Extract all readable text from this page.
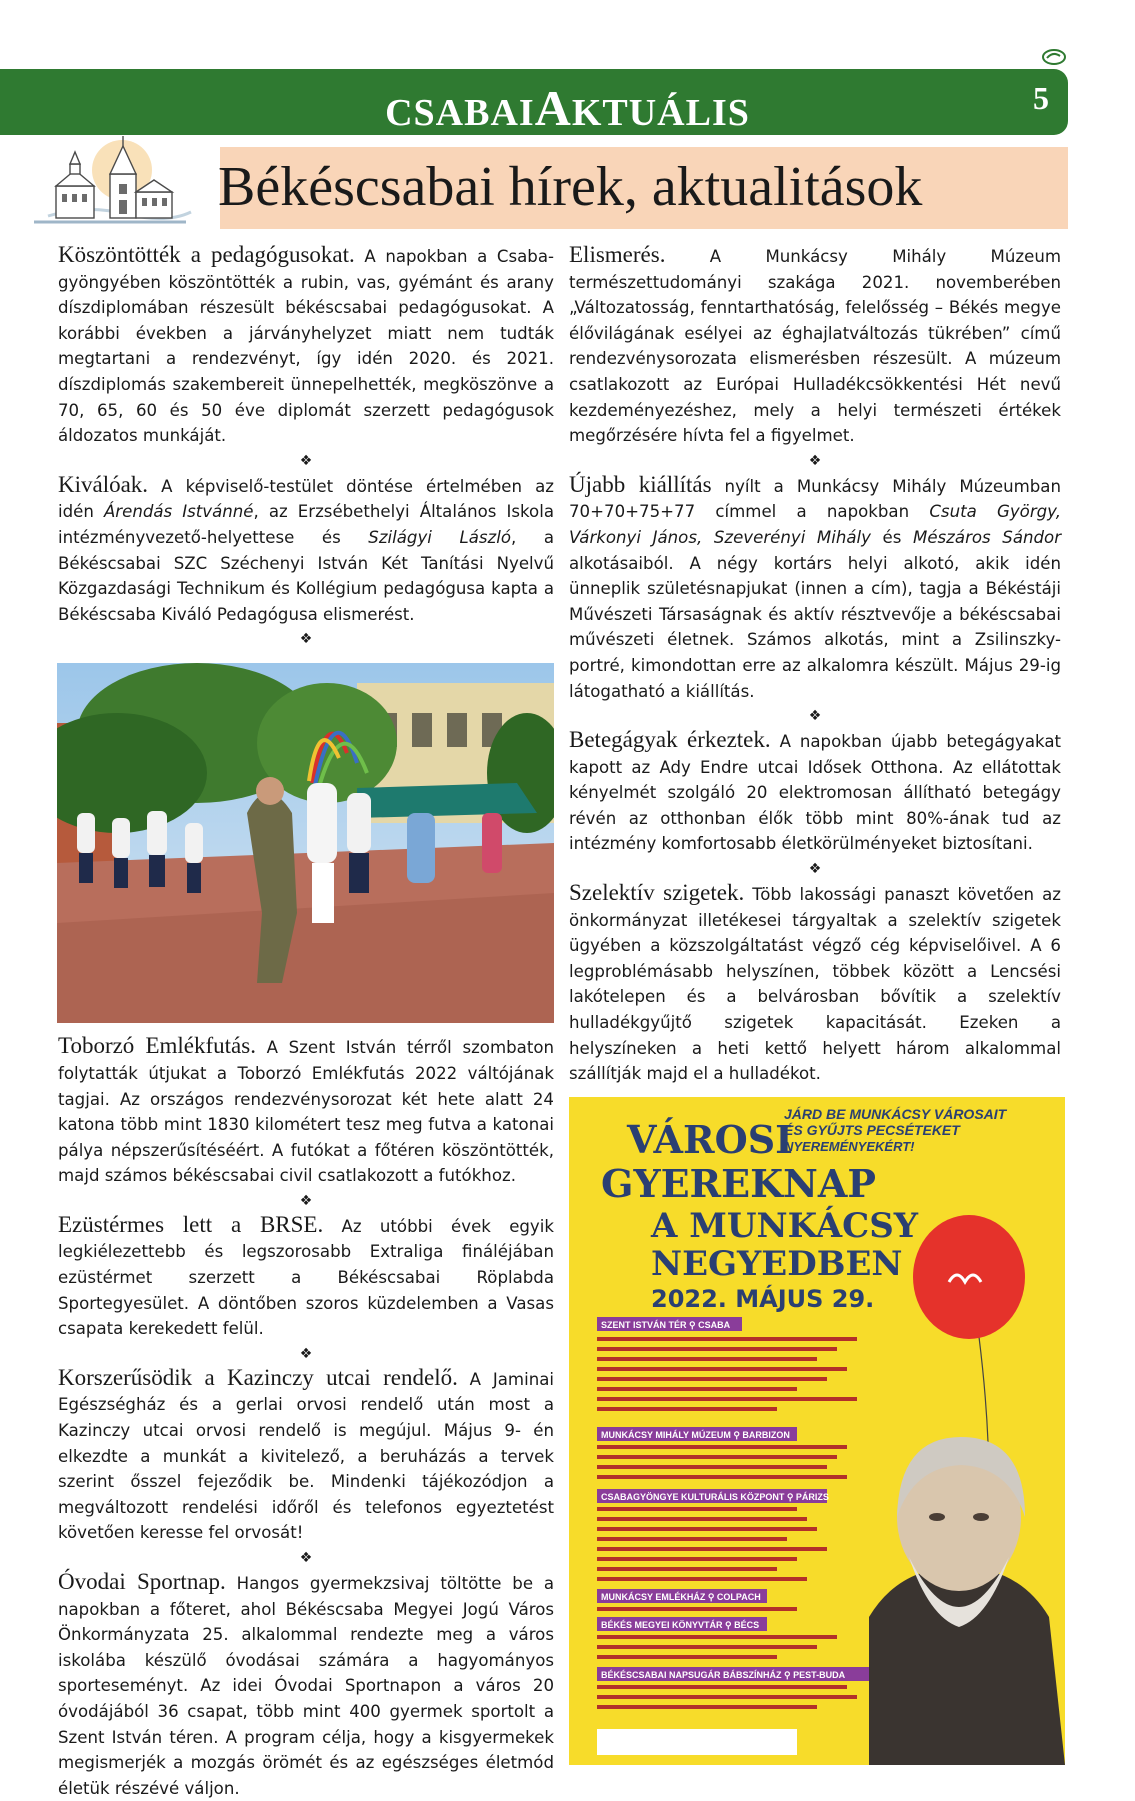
CSABAIAKTUÁLIS	5
Békéscsabai hírek, aktualitások

Köszöntötték a pedagógusokat. A napokban a Csabagyöngyében köszöntötték a rubin, vas, gyémánt és arany díszdiplomában részesült békéscsabai pedagógusokat. A korábbi években a járványhelyzet miatt nem tudták megtartani a rendezvényt, így idén 2020. és 2021. díszdiplomás szakembereit ünnepelhették, megköszönve a 70, 65, 60 és 50 éve diplomát szerzett pedagógusok áldozatos munkáját.

❖

Kiválóak. A képviselő-testület döntése értelmében az idén Árendás Istvánné, az Erzsébethelyi Általános Iskola intézményvezető-helyettese és Szilágyi László, a Békéscsabai SZC Széchenyi István Két Tanítási Nyelvű Közgazdasági Technikum és Kollégium pedagógusa kapta a Békéscsaba Kiváló Pedagógusa elismerést.

❖

Toborzó Emlékfutás. A Szent István térről szombaton folytatták útjukat a Toborzó Emlékfutás 2022 váltójának tagjai. Az országos rendezvénysorozat két hete alatt 24 katona több mint 1830 kilométert tesz meg futva a katonai pálya népszerűsítéséért. A futókat a főtéren köszöntötték, majd számos békéscsabai civil csatlakozott a futókhoz.

❖

Ezüstérmes lett a BRSE. Az utóbbi évek egyik legkiélezettebb és legszorosabb Extraliga fináléjában ezüstérmet szerzett a Békéscsabai Röplabda Sportegyesület. A döntőben szoros küzdelemben a Vasas csapata kerekedett felül.

❖

Korszerűsödik a Kazinczy utcai rendelő. A Jaminai Egészségház és a gerlai orvosi rendelő után most a Kazinczy utcai orvosi rendelő is megújul. Május 9- én elkezdte a munkát a kivitelező, a beruházás a tervek szerint ősszel fejeződik be. Mindenki tájékozódjon a megváltozott rendelési időről és telefonos egyeztetést követően keresse fel orvosát!

❖

Óvodai Sportnap. Hangos gyermekzsivaj töltötte be a napokban a főteret, ahol Békéscsaba Megyei Jogú Város Önkormányzata 25. alkalommal rendezte meg a város iskolába készülő óvodásai számára a hagyományos sporteseményt. Az idei Óvodai Sportnapon a város 20 óvodájából 36 csapat, több mint 400 gyermek sportolt a Szent István téren. A program célja, hogy a kisgyermekek megismerjék a mozgás örömét és az egészséges életmód életük részévé váljon.

Elismerés. A Munkácsy Mihály Múzeum természettudományi szakága 2021. novemberében „Változatosság, fenntarthatóság, felelősség – Békés megye élővilágának esélyei az éghajlatváltozás tükrében” című rendezvénysorozata elismerésben részesült. A múzeum csatlakozott az Európai Hulladékcsökkentési Hét nevű kezdeményezéshez, mely a helyi természeti értékek megőrzésére hívta fel a figyelmet.

❖

Újabb kiállítás nyílt a Munkácsy Mihály Múzeumban 70+70+75+77 címmel a napokban Csuta György, Várkonyi János, Szeverényi Mihály és Mészáros Sándor alkotásaiból. A négy kortárs helyi alkotó, akik idén ünneplik születésnapjukat (innen a cím), tagja a Békéstáji Művészeti Társaságnak és aktív résztvevője a békéscsabai művészeti életnek. Számos alkotás, mint a Zsilinszky-portré, kimondottan erre az alkalomra készült. Május 29-ig látogatható a kiállítás.

❖

Betegágyak érkeztek. A napokban újabb betegágyakat kapott az Ady Endre utcai Idősek Otthona. Az ellátottak kényelmét szolgáló 20 elektromosan állítható betegágy révén az otthonban élők több mint 80%-ának tud az intézmény komfortosabb életkörülményeket biztosítani.

❖

Szelektív szigetek. Több lakossági panaszt követően az önkormányzat illetékesei tárgyaltak a szelektív szigetek ügyében a közszolgáltatást végző cég képviselőivel. A 6 legproblémásabb helyszínen, többek között a Lencsési lakótelepen és a belvárosban bővítik a szelektív hulladékgyűjtő szigetek kapacitását. Ezeken a helyszíneken a heti kettő helyett három alkalommal szállítják majd el a hulladékot.

JÁRD BE MUNKÁCSY VÁROSAIT
ÉS GYŰJTS PECSÉTEKET
NYEREMÉNYEKÉRT!
VÁROSI
GYEREKNAP
A MUNKÁCSY
NEGYEDBEN
2022. MÁJUS 29.
SZENT ISTVÁN TÉR ⚲ CSABA
MUNKÁCSY MIHÁLY MÚZEUM ⚲ BARBIZON
CSABAGYÖNGYE KULTURÁLIS KÖZPONT ⚲ PÁRIZS
MUNKÁCSY EMLÉKHÁZ ⚲ COLPACH
BÉKÉS MEGYEI KÖNYVTÁR ⚲ BÉCS
BÉKÉSCSABAI NAPSUGÁR BÁBSZÍNHÁZ ⚲ PEST-BUDA
